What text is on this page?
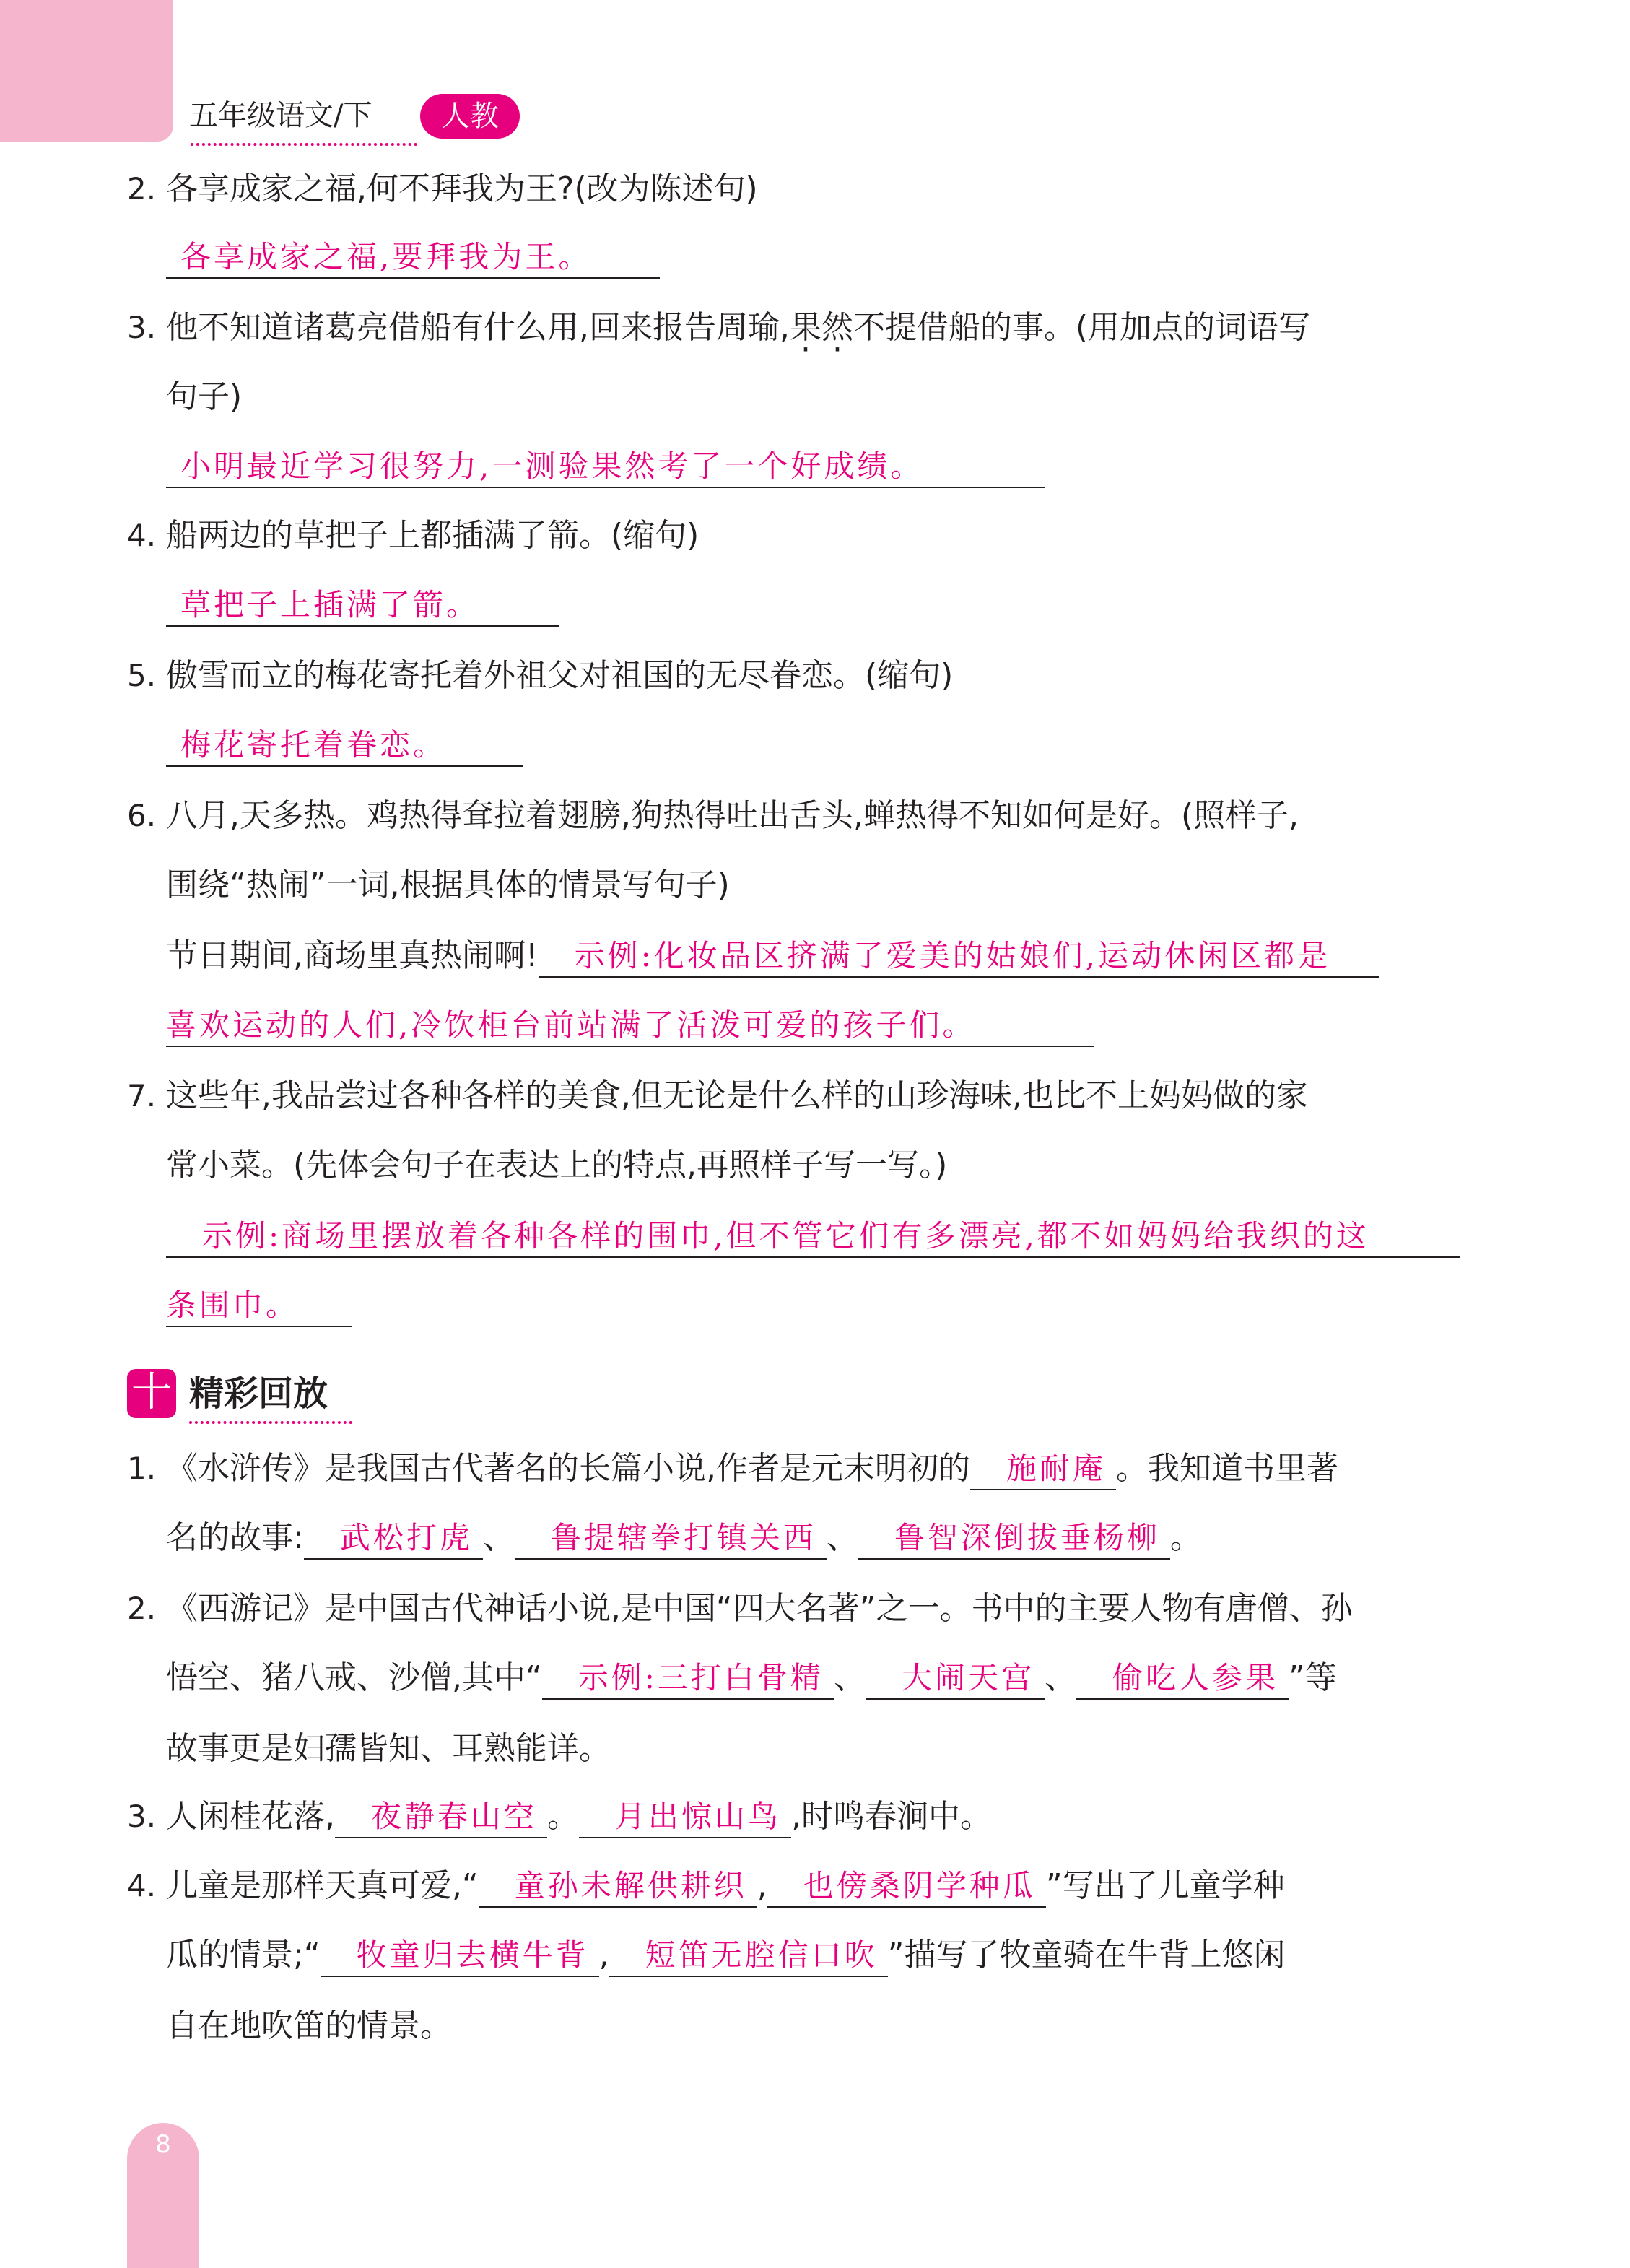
五年级语文/下	人教
2. 各享成家之福,何不拜我为王?(改为陈述句)
各享成家之福,要拜我为王。
3. 他不知道诸葛亮借船有什么用,回来报告周瑜,果然不提借船的事。(用加点的词语写
句子)
小明最近学习很努力,一测验果然考了一个好成绩。
4. 船两边的草把子上都插满了箭。(缩句)
草把子上插满了箭。
5. 傲雪而立的梅花寄托着外祖父对祖国的无尽眷恋。(缩句)
梅花寄托着眷恋。
6. 八月,天多热。鸡热得耷拉着翅膀,狗热得吐出舌头,蝉热得不知如何是好。(照样子,
围绕“热闹”一词,根据具体的情景写句子)
节日期间,商场里真热闹啊! 示例:化妆品区挤满了爱美的姑娘们,运动休闲区都是
喜欢运动的人们,冷饮柜台前站满了活泼可爱的孩子们。
7. 这些年,我品尝过各种各样的美食,但无论是什么样的山珍海味,也比不上妈妈做的家
常小菜。(先体会句子在表达上的特点,再照样子写一写。)
示例:商场里摆放着各种各样的围巾,但不管它们有多漂亮,都不如妈妈给我织的这
条围巾。
十 精彩回放
1. 《水浒传》是我国古代著名的长篇小说,作者是元末明初的 施耐庵 。我知道书里著
名的故事: 武松打虎 、 鲁提辖拳打镇关西 、 鲁智深倒拔垂杨柳 。
2. 《西游记》是中国古代神话小说,是中国“四大名著”之一。书中的主要人物有唐僧、孙
悟空、猪八戒、沙僧,其中“ 示例:三打白骨精 、 大闹天宫 、 偷吃人参果 ”等
故事更是妇孺皆知、耳熟能详。
3. 人闲桂花落, 夜静春山空 。 月出惊山鸟 ,时鸣春涧中。
4. 儿童是那样天真可爱,“ 童孙未解供耕织 , 也傍桑阴学种瓜 ”写出了儿童学种
瓜的情景;“ 牧童归去横牛背 , 短笛无腔信口吹 ”描写了牧童骑在牛背上悠闲
自在地吹笛的情景。
8
